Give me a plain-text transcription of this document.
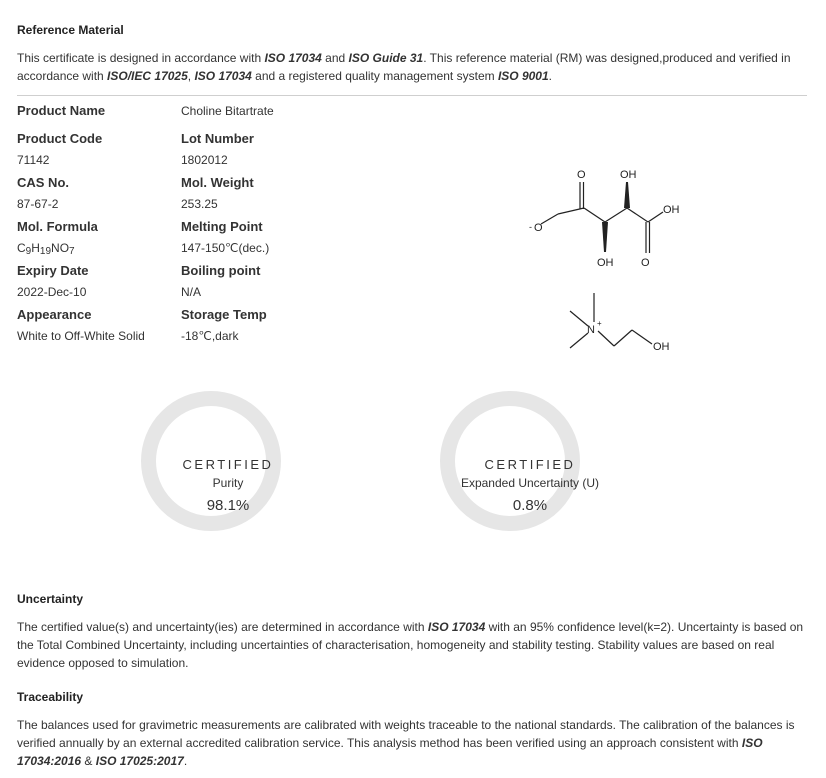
Reference Material
This certificate is designed in accordance with ISO 17034 and ISO Guide 31. This reference material (RM) was designed,produced and verified in accordance with ISO/IEC 17025, ISO 17034 and a registered quality management system ISO 9001.
Product Name	Choline Bitartrate
Product Code	Lot Number
71142	1802012
CAS No.	Mol. Weight
87-67-2	253.25
Mol. Formula	Melting Point
$C_9H_{19}NO_7$	147-150℃(dec.)
Expiry Date	Boiling point
2022-Dec-10	N/A
Appearance	Storage Temp
White to Off-White Solid	-18℃,dark
- O
O	OH
OH
OH	O
N
+
OH
CERTIFIED
Purity
98.1%
CERTIFIED
Expanded Uncertainty (U)
0.8%
Uncertainty
The certified value(s) and uncertainty(ies) are determined in accordance with ISO 17034 with an 95% confidence level(k=2). Uncertainty is based on the Total Combined Uncertainty, including uncertainties of characterisation, homogeneity and stability testing. Stability values are based on real evidence opposed to simulation.
Traceability
The balances used for gravimetric measurements are calibrated with weights traceable to the national standards. The calibration of the balances is verified annually by an external accredited calibration service. This analysis method has been verified using an approach consistent with ISO 17034:2016 & ISO 17025:2017.
